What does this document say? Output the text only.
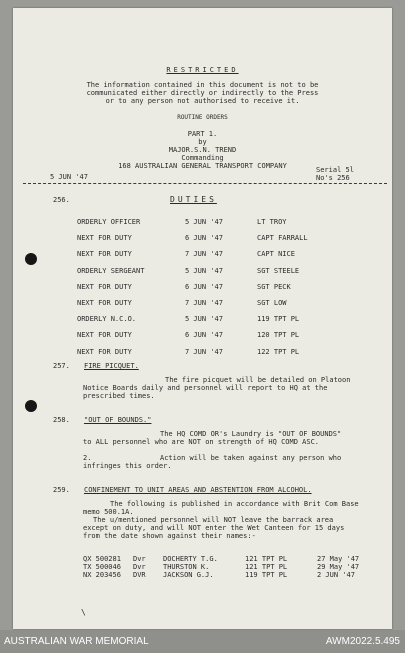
RESTRICTED
The information contained in this document is not to be
communicated either directly or indirectly to the Press
or to any person not authorised to receive it.
ROUTINE ORDERS
PART 1.
by
MAJOR.S.N. TREND
Commanding
168 AUSTRALIAN GENERAL TRANSPORT COMPANY
5 JUN '47
Serial 5l
No's 256
256.	DUTIES
ORDERLY OFFICER	5 JUN '47	LT TROY
NEXT FOR DUTY	6 JUN '47	CAPT FARRALL
NEXT FOR DUTY	7 JUN '47	CAPT NICE
ORDERLY SERGEANT	5 JUN '47	SGT STEELE
NEXT FOR DUTY	6 JUN '47	SGT PECK
NEXT FOR DUTY	7 JUN '47	SGT LOW
ORDERLY N.C.O.	5 JUN '47	119 TPT PL
NEXT FOR DUTY	6 JUN '47	120 TPT PL
NEXT FOR DUTY	7 JUN '47	122 TPT PL
257. FIRE PICQUET.
The fire picquet will be detailed on Platoon
Notice Boards daily and personnel will report to HQ at the
prescribed times.
258. "OUT OF BOUNDS."
The HQ COMD OR's Laundry is "OUT OF BOUNDS"
to ALL personnel who are NOT on strength of HQ COMD ASC.
2.	Action will be taken against any person who
infringes this order.
259. CONFINEMENT TO UNIT AREAS AND ABSTENTION FROM ALCOHOL.
The following is published in accordance with Brit Com Base
memo 500.1A.
The u/mentioned personnel will NOT leave the barrack area
except on duty, and will NOT enter the Wet Canteen for 15 days
from the date shown against their names:-
QX 500281 Dvr DOCHERTY T.G.	121 TPT PL	27 May '47
TX 500046 Dvr THURSTON K.	121 TPT PL	29 May '47
NX 203456 DVR JACKSON G.J.	119 TPT PL	2 JUN '47
\
AUSTRALIAN WAR MEMORIAL	AWM2022.5.495
